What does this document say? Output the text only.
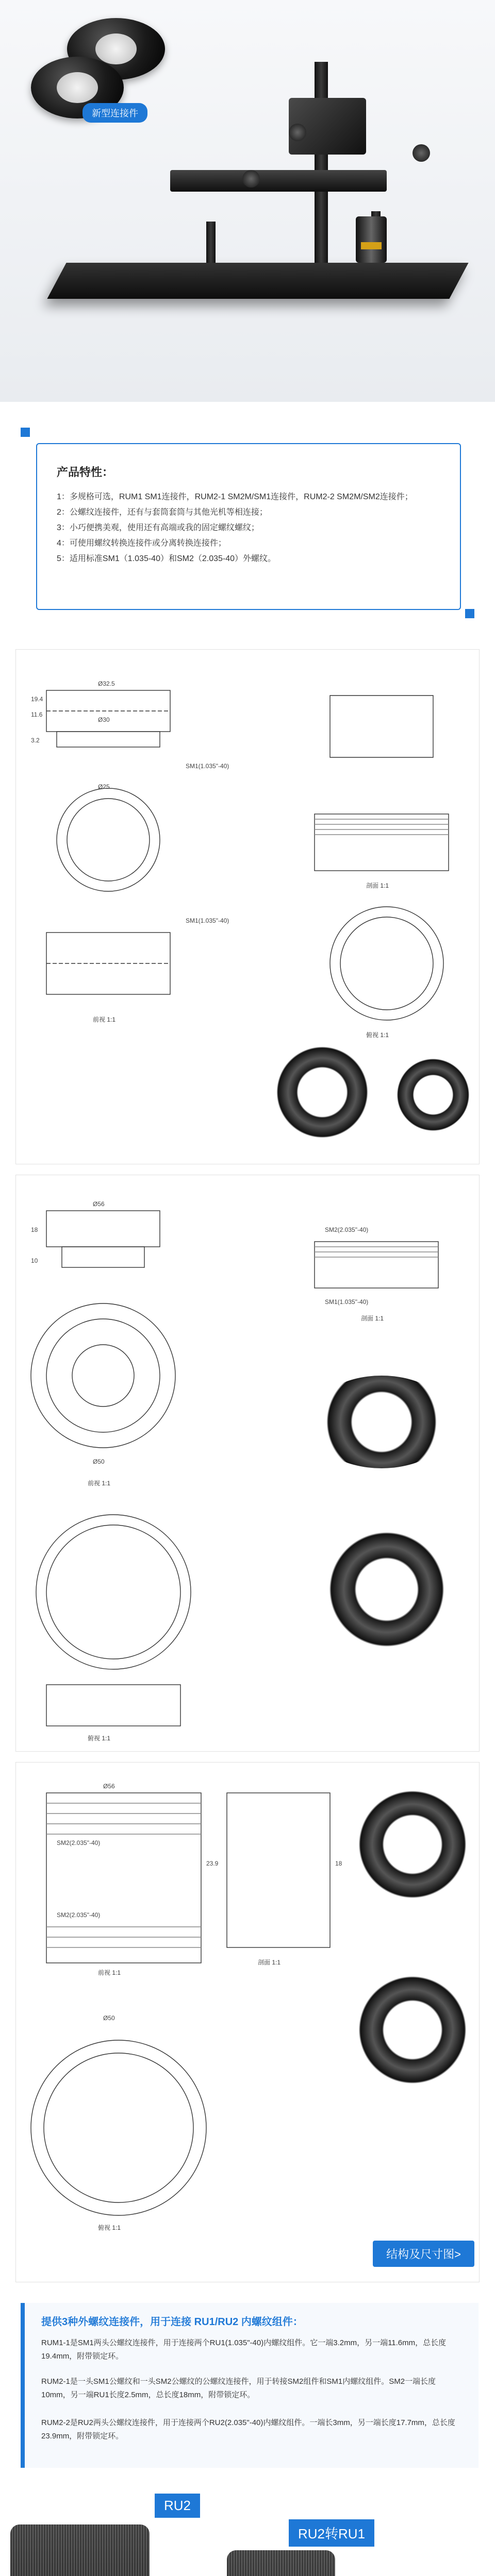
新型连接件
产品特性：
1：多规格可选，RUM1 SM1连接件，RUM2-1 SM2M/SM1连接件，RUM2-2 SM2M/SM2连接件；
2：公螺纹连接件，还有与套筒套筒与其他光机等相连接；
3：小巧便携美观，使用还有高端或我的固定螺纹螺纹；
4：可使用螺纹转换连接件或分离转换连接件；
5：适用标准SM1（1.035-40）和SM2（2.035-40）外螺纹。
Ø32.5
Ø30
SM1(1.035"-40)
SM1(1.035"-40)
Ø25
3.2
11.6
19.4
前视 1:1
剖面 1:1
俯视 1:1
Ø56
SM2(2.035"-40)
SM1(1.035"-40)
Ø50
18
10
前视 1:1
剖面 1:1
俯视 1:1
Ø56
SM2(2.035"-40)
SM2(2.035"-40)
Ø50
23.9	18
前视 1:1
剖面 1:1
俯视 1:1
结构及尺寸图>
提供3种外螺纹连接件，用于连接 RU1/RU2 内螺纹组件：

RUM1-1是SM1两头公螺纹连接件，用于连接两个RU1(1.035"-40)内螺纹组件。它一端3.2mm，另一端11.6mm，总长度19.4mm，附带锁定环。

RUM2-1是一头SM1公螺纹和一头SM2公螺纹的公螺纹连接件，用于转接SM2组件和SM1内螺纹组件。SM2一端长度10mm，另一端RU1长度2.5mm，总长度18mm，附带锁定环。

RUM2-2是RU2两头公螺纹连接件，用于连接两个RU2(2.035"-40)内螺纹组件。一端长3mm，另一端长度17.7mm，总长度23.9mm，附带锁定环。

RU2
RU2转RU1
